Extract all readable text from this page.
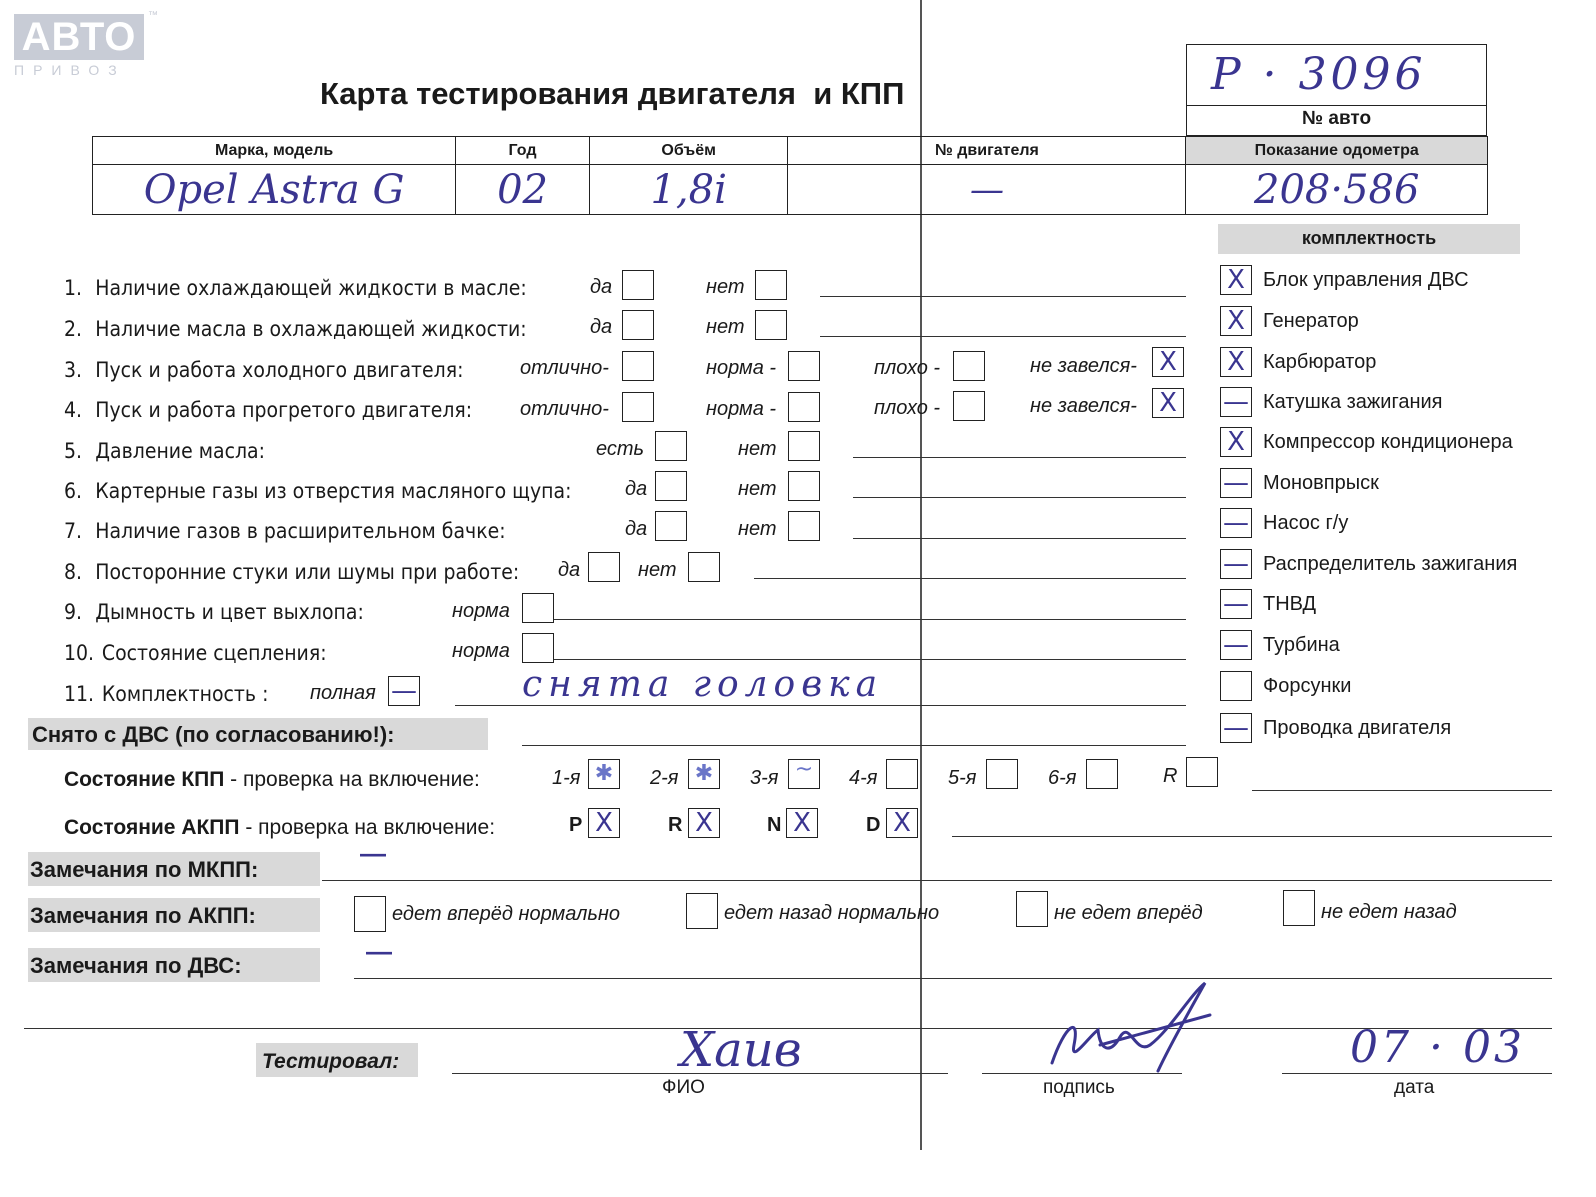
АВТО
ПРИВОЗ
™
Карта тестирования двигателя  и КПП	P · 3096
№ авто
Марка, модель	Год	Объём	№ двигателя	Показание одометра
Opel Astra G	02	1,8i	—	208·586
комплектность
1. Наличие охлаждающей жидкости в масле:	да	нет
2. Наличие масла в охлаждающей жидкости:	да	нет
3. Пуск и работа холодного двигателя:	отлично-	норма -	плохо -	не завелся- X
4. Пуск и работа прогретого двигателя: отлично-	норма -	плохо -	не завелся- X
5. Давление масла:	есть	нет
6. Картерные газы из отверстия масляного щупа:	да	нет
7. Наличие газов в расширительном бачке:	да	нет
8. Посторонние стуки или шумы при работе: да	нет
9. Дымность и цвет выхлопа:	норма
10. Состояние сцепления:	норма
11. Комплектность : полная —	снята головка
Снято с ДВС (по согласованию!):
Состояние КПП - проверка на включение:	1-я ✱	2-я ✱	3-я ~	4-я	5-я	6-я	R
Состояние АКПП - проверка на включение:	P X	R X	N X	D X
Замечания по МКПП:
—
Замечания по АКПП:	едет вперёд нормально	едет назад нормально	не едет вперёд	не едет назад
Замечания по ДВС:	—
X Блок управления ДВС
X Генератор
X Карбюратор
— Катушка зажигания
X Компрессор кондиционера
— Моновпрыск
— Насос г/у
— Распределитель зажигания
— ТНВД
— Турбина
Форсунки
— Проводка двигателя
Тестировал:	Хаив
ФИО	подпись
07 · 03
дата
